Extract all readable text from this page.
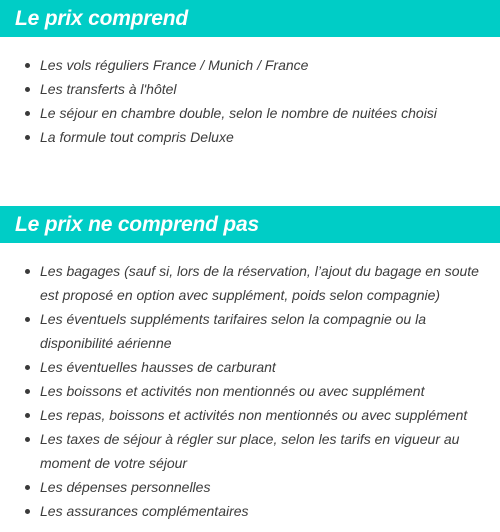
Le prix comprend
Les vols réguliers France / Munich / France
Les transferts à l'hôtel
Le séjour en chambre double, selon le nombre de nuitées choisi
La formule tout compris Deluxe
Le prix ne comprend pas
Les bagages (sauf si, lors de la réservation, l’ajout du bagage en soute est proposé en option avec supplément, poids selon compagnie)
Les éventuels suppléments tarifaires selon la compagnie ou la disponibilité aérienne
Les éventuelles hausses de carburant
Les boissons et activités non mentionnés ou avec supplément
Les repas, boissons et activités non mentionnés ou avec supplément
Les taxes de séjour à régler sur place, selon les tarifs en vigueur au moment de votre séjour
Les dépenses personnelles
Les assurances complémentaires
